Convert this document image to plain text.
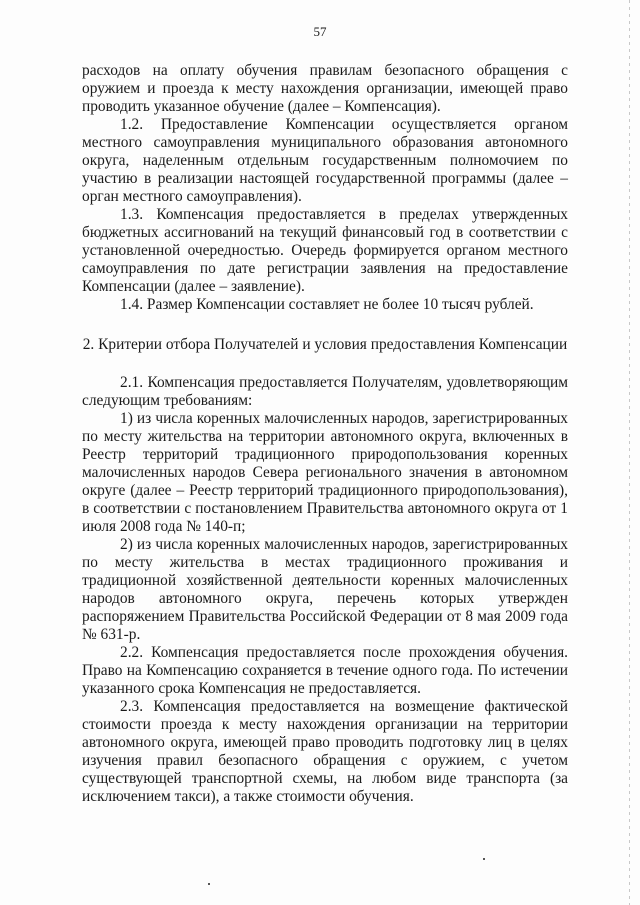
57

расходов на оплату обучения правилам безопасного обращения с оружием и проезда к месту нахождения организации, имеющей право проводить указанное обучение (далее – Компенсация).

1.2. Предоставление Компенсации осуществляется органом местного самоуправления муниципального образования автономного округа, наделенным отдельным государственным полномочием по участию в реализации настоящей государственной программы (далее – орган местного самоуправления).

1.3. Компенсация предоставляется в пределах утвержденных бюджетных ассигнований на текущий финансовый год в соответствии с установленной очередностью. Очередь формируется органом местного самоуправления по дате регистрации заявления на предоставление Компенсации (далее – заявление).

1.4. Размер Компенсации составляет не более 10 тысяч рублей.

2. Критерии отбора Получателей и условия предоставления Компенсации

2.1. Компенсация предоставляется Получателям, удовлетворяющим следующим требованиям:

1) из числа коренных малочисленных народов, зарегистрированных по месту жительства на территории автономного округа, включенных в Реестр территорий традиционного природопользования коренных малочисленных народов Севера регионального значения в автономном округе (далее – Реестр территорий традиционного природопользования), в соответствии с постановлением Правительства автономного округа от 1 июля 2008 года № 140-п;

2) из числа коренных малочисленных народов, зарегистрированных по месту жительства в местах традиционного проживания и традиционной хозяйственной деятельности коренных малочисленных народов автономного округа, перечень которых утвержден распоряжением Правительства Российской Федерации от 8 мая 2009 года № 631-р.

2.2. Компенсация предоставляется после прохождения обучения. Право на Компенсацию сохраняется в течение одного года. По истечении указанного срока Компенсация не предоставляется.

2.3. Компенсация предоставляется на возмещение фактической стоимости проезда к месту нахождения организации на территории автономного округа, имеющей право проводить подготовку лиц в целях изучения правил безопасного обращения с оружием, с учетом существующей транспортной схемы, на любом виде транспорта (за исключением такси), а также стоимости обучения.
